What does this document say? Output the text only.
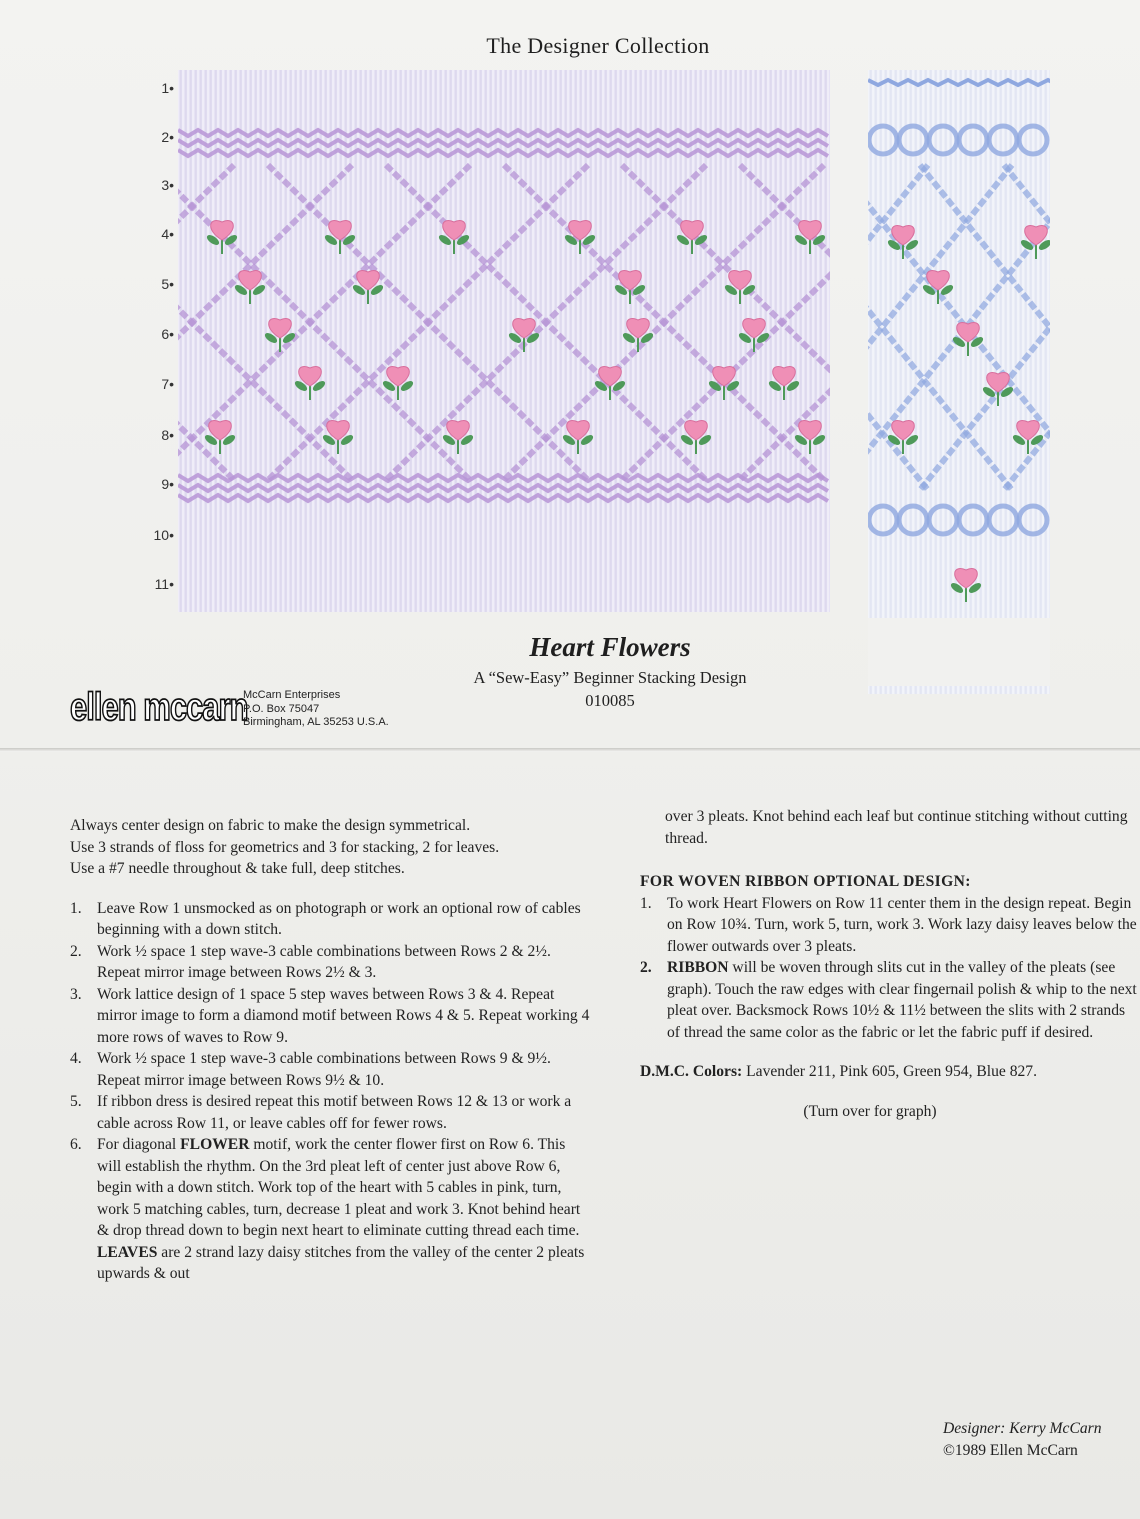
The Designer Collection
1•
2•
3•
4•
5•
6•
7•
8•
9•
10•
11•
Heart Flowers
A “Sew-Easy” Beginner Stacking Design
010085
ellen mccarn
McCarn Enterprises
P.O. Box 75047
Birmingham, AL 35253 U.S.A.
Always center design on fabric to make the design symmetrical.
Use 3 strands of floss for geometrics and 3 for stacking, 2 for leaves.
Use a #7 needle throughout & take full, deep stitches.
1. Leave Row 1 unsmocked as on photograph or work an optional row of cables beginning with a down stitch.
2. Work ½ space 1 step wave-3 cable combinations between Rows 2 & 2½. Repeat mirror image between Rows 2½ & 3.
3. Work lattice design of 1 space 5 step waves between Rows 3 & 4. Repeat mirror image to form a diamond motif between Rows 4 & 5. Repeat working 4 more rows of waves to Row 9.
4. Work ½ space 1 step wave-3 cable combinations between Rows 9 & 9½. Repeat mirror image between Rows 9½ & 10.
5. If ribbon dress is desired repeat this motif between Rows 12 & 13 or work a cable across Row 11, or leave cables off for fewer rows.
6. For diagonal FLOWER motif, work the center flower first on Row 6. This will establish the rhythm. On the 3rd pleat left of center just above Row 6, begin with a down stitch. Work top of the heart with 5 cables in pink, turn, work 5 matching cables, turn, decrease 1 pleat and work 3. Knot behind heart & drop thread down to begin next heart to eliminate cutting thread each time. LEAVES are 2 strand lazy daisy stitches from the valley of the center 2 pleats upwards & out
over 3 pleats. Knot behind each leaf but continue stitching without cutting thread.
FOR WOVEN RIBBON OPTIONAL DESIGN:
1. To work Heart Flowers on Row 11 center them in the design repeat. Begin on Row 10¾. Turn, work 5, turn, work 3. Work lazy daisy leaves below the flower outwards over 3 pleats.
2. RIBBON will be woven through slits cut in the valley of the pleats (see graph). Touch the raw edges with clear fingernail polish & whip to the next pleat over. Backsmock Rows 10½ & 11½ between the slits with 2 strands of thread the same color as the fabric or let the fabric puff if desired.
D.M.C. Colors: Lavender 211, Pink 605, Green 954, Blue 827.
(Turn over for graph)
Designer: Kerry McCarn
©1989 Ellen McCarn
